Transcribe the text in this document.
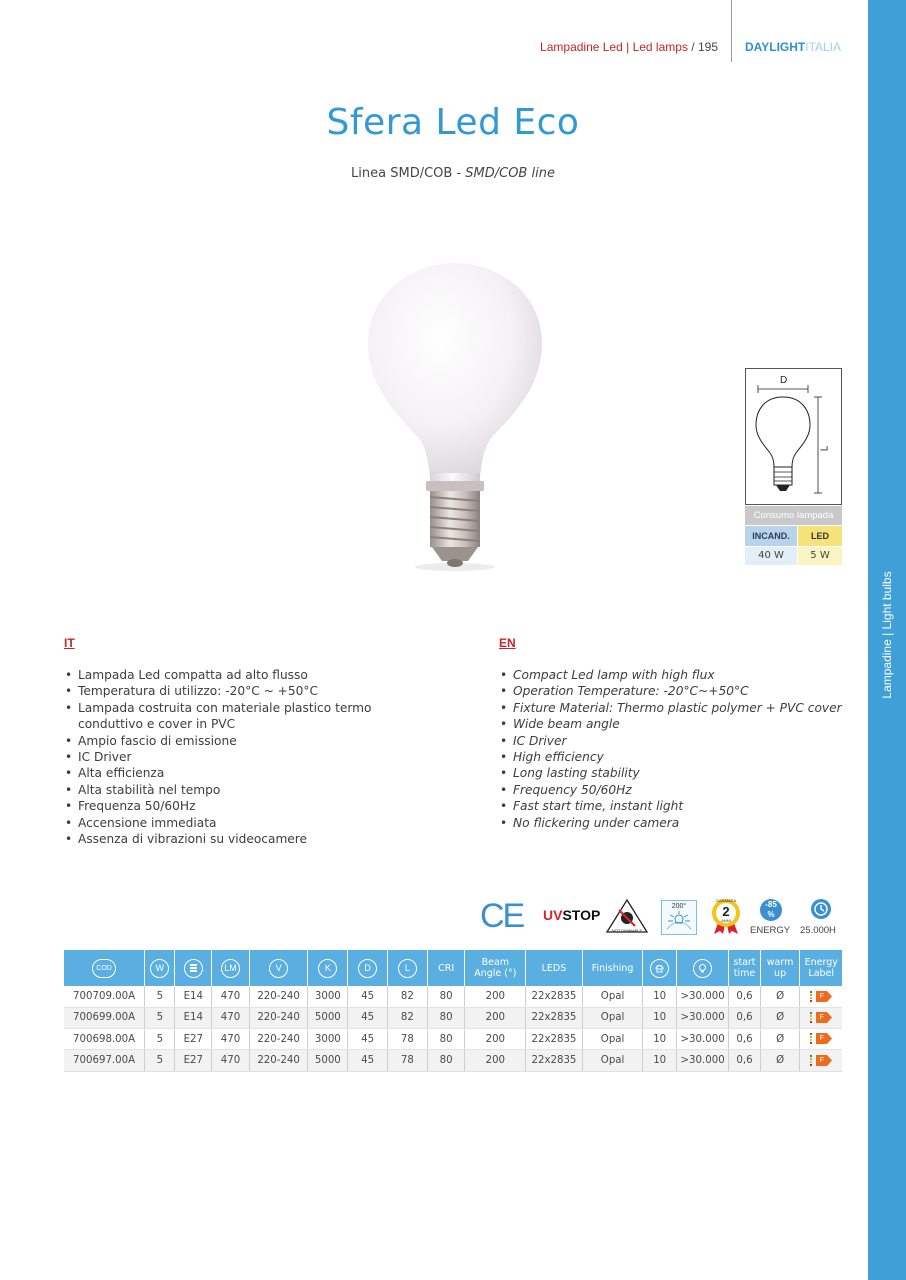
Lampadine | Light bulbs
Lampadine Led | Led lamps / 195 DAYLIGHTITALIA
Sfera Led Eco
Linea SMD/COB - SMD/COB line
D
L
Consumo lampada
INCAND.	LED
40 W	5 W
IT
• Lampada Led compatta ad alto flusso
• Temperatura di utilizzo: -20°C ~ +50°C
• Lampada costruita con materiale plastico termo conduttivo e cover in PVC
• Ampio fascio di emissione
• IC Driver
• Alta efficienza
• Alta stabilità nel tempo
• Frequenza 50/60Hz
• Accensione immediata
• Assenza di vibrazioni su videocamere
EN
• Compact Led lamp with high flux
• Operation Temperature: -20°C~+50°C
• Fixture Material: Thermo plastic polymer + PVC cover
• Wide beam angle
• IC Driver
• High efficiency
• Long lasting stability
• Frequency 50/60Hz
• Fast start time, instant light
• No flickering under camera
CE UVSTOP
NOT DIMMABLE
200°
GARANZIA
2
ANNI
-85
%
ENERGY 25.000H
COD	W		LM	V	K	D	L	CRI	Beam Angle (°)	LEDS	Finishing			start time	warm up	Energy Label
700709.00A	5	E14	470	220-240	3000	45	82	80	200	22x2835	Opal	10	>30.000	0,6	Ø	F

700699.00A	5	E14	470	220-240	5000	45	82	80	200	22x2835	Opal	10	>30.000	0,6	Ø	F

700698.00A	5	E27	470	220-240	3000	45	78	80	200	22x2835	Opal	10	>30.000	0,6	Ø	F

700697.00A	5	E27	470	220-240	5000	45	78	80	200	22x2835	Opal	10	>30.000	0,6	Ø	F
